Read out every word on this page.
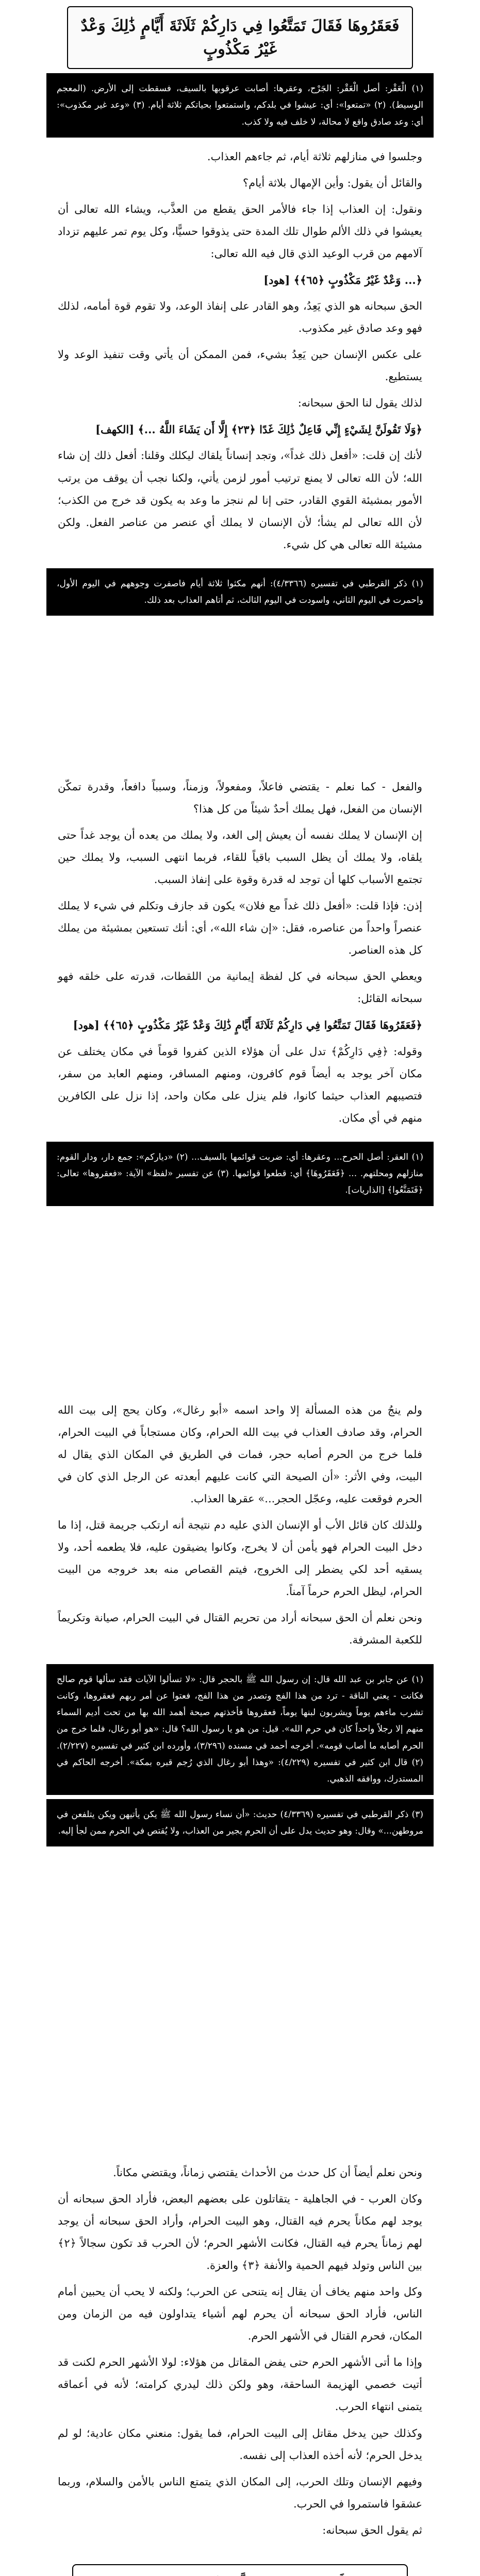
فَعَقَرُوهَا فَقَالَ تَمَتَّعُوا فِي دَارِكُمْ ثَلَاثَةَ أَيَّامٍ ذَٰلِكَ وَعْدٌ غَيْرُ مَكْذُوبٍ
(١) الْعَقْر: أصل الْعَقْر: الجَرْح، وعقرها: أصابت عرقوبها بالسيف، فسقطت إلى الأرض. (المعجم الوسيط). (٢) «تمتعوا»: أي: عيشوا في بلدكم، واستمتعوا بحياتكم ثلاثة أيام. (٣) «وعد غير مكذوب»: أي: وعد صادق واقع لا محالة، لا خلف فيه ولا كذب.

وجلسوا في منازلهم ثلاثة أيام، ثم جاءهم العذاب.

والقائل أن يقول: وأين الإمهال بلاثة أيام؟

ونقول: إن العذاب إذا جاء فالأمر الحق يقطع من العذَّب، ويشاء الله تعالى أن يعيشوا في ذلك الألم طوال تلك المدة حتى يذوقوا حسيًّا، وكل يوم تمر عليهم تزداد آلامهم من قرب الوعيد الذي قال فيه الله تعالى:

﴿... وَعْدٌ غَيْرُ مَكْذُوبٍ ﴿٦٥﴾﴾ [هود]

الحق سبحانه هو الذي يَعِدُ، وهو القادر على إنفاذ الوعد، ولا تقوم قوة أمامه، لذلك فهو وعد صادق غير مكذوب.

على عكس الإنسان حين يَعِدُ بشيء، فمن الممكن أن يأتي وقت تنفيذ الوعد ولا يستطيع.

لذلك يقول لنا الحق سبحانه:

﴿وَلَا تَقُولَنَّ لِشَيْءٍ إِنِّي فَاعِلٌ ذَٰلِكَ غَدًا ﴿٢٣﴾ إِلَّا أَن يَشَاءَ اللَّهُ ...﴾ [الكهف]

لأنك إن قلت: «أفعل ذلك غداً»، وتجد إنساناً يلقاك ليكلك وقلنا: أفعل ذلك إن شاء الله؛ لأن الله تعالى لا يمنع ترتيب أمور لزمن يأتي، ولكنا نجب أن يوقف من يرتب الأمور بمشيئة القوي القادر، حتى إنا لم ننجز ما وعد به يكون قد خرج من الكذب؛ لأن الله تعالى لم يشأ؛ لأن الإنسان لا يملك أي عنصر من عناصر الفعل. ولكن مشيئة الله تعالى هي كل شيء.

(١) ذكر القرطبي في تفسيره (٤/٣٣٦٦): أنهم مكثوا ثلاثة أيام فاصفرت وجوههم في اليوم الأول، واحمرت في اليوم الثاني، واسودت في اليوم الثالث، ثم أتاهم العذاب بعد ذلك.

والفعل - كما نعلم - يقتضي فاعلاً، ومفعولاً، وزمناً، وسبباً دافعاً، وقدرة تمكّن الإنسان من الفعل، فهل يملك أحدٌ شيئاً من كل هذا؟

إن الإنسان لا يملك نفسه أن يعيش إلى الغد، ولا يملك من يعده أن يوجد غداً حتى يلقاه، ولا يملك أن يظل السبب باقياً للقاء، فربما انتهى السبب، ولا يملك حين تجتمع الأسباب كلها أن توجد له قدرة وقوة على إنفاذ السبب.

إذن: فإذا قلت: «أفعل ذلك غداً مع فلان» يكون قد جازف وتكلم في شيء لا يملك عنصراً واحداً من عناصره، فقل: «إن شاء الله»، أي: أنك تستعين بمشيئة من يملك كل هذه العناصر.

ويعطي الحق سبحانه في كل لفظة إيمانية من اللقطات، قدرته على خلقه فهو سبحانه القائل:

﴿فَعَقَرُوهَا فَقَالَ تَمَتَّعُوا فِي دَارِكُمْ ثَلَاثَةَ أَيَّامٍ ذَٰلِكَ وَعْدٌ غَيْرُ مَكْذُوبٍ ﴿٦٥﴾﴾ [هود]

وقوله: ﴿فِي دَارِكُمْ﴾ تدل على أن هؤلاء الذين كفروا قوماً في مكان يختلف عن مكان آخر يوجد به أيضاً قوم كافرون، ومنهم المسافر، ومنهم العابد من سفر، فتصيبهم العذاب حيثما كانوا، فلم ينزل على مكان واحد، إذا نزل على الكافرين منهم في أي مكان.

(١) العقر: أصل الحرح... وعقرها: أي: ضربت قوائمها بالسيف... (٢) «دياركم»: جمع دار، ودار القوم: منازلهم ومحلتهم. ... ﴿فَعَقَرُوهَا﴾ أي: قطعوا قوائمها. (٣) عن تفسير «لفظ» الآية: «فعقروها» تعالى: ﴿فَتَمَتَّعُوا﴾ [الذاريات].

ولم ينجُ من هذه المسألة إلا واحد اسمه «أبو رغال»، وكان يحج إلى بيت الله الحرام، وقد صادف العذاب في بيت الله الحرام، وكان مستجاباً في البيت الحرام، فلما خرج من الحرم أصابه حجر، فمات في الطريق في المكان الذي يقال له البيت، وفي الأثر: «أن الصيحة التي كانت عليهم أبعدته عن الرجل الذي كان في الحرم فوقعت عليه، وعجّل الحجر...» عقرها العذاب.

وللذلك كان قائل الأب أو الإنسان الذي عليه دم نتيجة أنه ارتكب جريمة قتل، إذا ما دخل البيت الحرام فهو يأمن أن لا يخرج، وكانوا يضيقون عليه، فلا يطعمه أحد، ولا يسقيه أحد لكي يضطر إلى الخروج، فيتم القصاص منه بعد خروجه من البيت الحرام، ليظل الحرم حرماً آمناً.

ونحن نعلم أن الحق سبحانه أراد من تحريم القتال في البيت الحرام، صيانة وتكريماً للكعبة المشرفة.

(١) عن جابر بن عبد الله قال: إن رسول الله ﷺ بالحجر قال: «لا تسألوا الآيات فقد سألها قوم صالح فكانت - يعني الناقة - ترد من هذا الفج وتصدر من هذا الفج، فعتوا عن أمر ربهم فعقروها، وكانت تشرب ماءهم يوماً ويشربون لبنها يوماً، فعقروها فأخذتهم صيحة أهمد الله بها من تحت أديم السماء منهم إلا رجلاً واحداً كان في حرم الله». قيل: من هو يا رسول الله؟ قال: «هو أبو رغال، فلما خرج من الحرم أصابه ما أصاب قومه». أخرجه أحمد في مسنده (٣/٢٩٦)، وأورده ابن كثير في تفسيره (٢/٢٢٧). (٢) قال ابن كثير في تفسيره (٤/٢٢٩): «وهذا أبو رغال الذي رُجم قبره بمكة». أخرجه الحاكم في المستدرك، ووافقه الذهبي.
(٣) ذكر القرطبي في تفسيره (٤/٣٣٦٩) حديث: «أن نساء رسول الله ﷺ يكن يأتيهن ويكن يتلفعن في مروطهن...» وقال: وهو حديث يدل على أن الحرم يجير من العذاب، ولا يُقتص في الحرم ممن لجأ إليه.

ونحن نعلم أيضاً أن كل حدث من الأحداث يقتضي زماناً، ويقتضي مكاناً.

وكان العرب - في الجاهلية - يتقاتلون على بعضهم البعض، فأراد الحق سبحانه أن يوجد لهم مكاناً يحرم فيه القتال، وهو البيت الحرام، وأراد الحق سبحانه أن يوجد لهم زماناً يحرم فيه القتال، فكانت الأشهر الحرم؛ لأن الحرب قد تكون سجالاً ﴿٢﴾ بين الناس وتولد فيهم الحمية والأنفة ﴿٣﴾ والعزة.

وكل واحد منهم يخاف أن يقال إنه يتنحى عن الحرب؛ ولكنه لا يحب أن يحبين أمام الناس، فأراد الحق سبحانه أن يحرم لهم أشياء يتداولون فيه من الزمان ومن المكان، فحرم القتال في الأشهر الحرم.

وإذا ما أتى الأشهر الحرم حتى يفض المقاتل من هؤلاء: لولا الأشهر الحرم لكنت قد أتيت خصمي الهزيمة الساحقة، وهو ولكن ذلك ليدري كرامته؛ لأنه في أعماقه يتمنى انتهاء الحرب.

وكذلك حين يدخل مقاتل إلى البيت الحرام، فما يقول: منعني مكان عادية؛ لو لم يدخل الحرم؛ لأنه أخذه العذاب إلى نفسه.

وفيهم الإنسان وتلك الحرب، إلى المكان الذي يتمتع الناس بالأمن والسلام، وربما عشقوا فاستمروا في الحرب.

ثم يقول الحق سبحانه:
